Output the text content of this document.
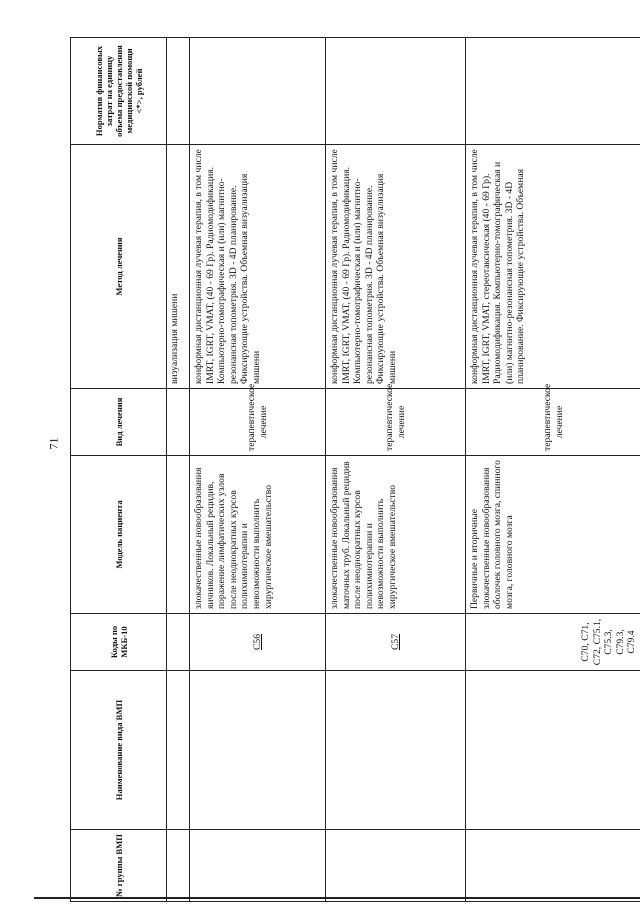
71
№ группы ВМП	Наименование вида ВМП	Коды по МКБ-10	Модель пациента	Вид лечения	Метод лечения	Норматив финансовых затрат на единицу объема предоставления медицинской помощи <*>, рублей
					визуализация мишени	
		C56	злокачественные новообразования яичников. Локальный рецидив, поражение лимфатических узлов после неоднократных курсов полихимиотерапии и невозможности выполнить хирургическое вмешательство	терапевтическое лечение	конформная дистанционная лучевая терапия, в том числе IMRT, IGRT, VMAT, (40 - 69 Гр). Радиомодификация. Компьютерно-томографическая и (или) магнитно-резонансная топометрия. 3D - 4D планирование. Фиксирующие устройства. Объемная визуализация мишени	
		C57	злокачественные новообразования маточных труб. Локальный рецидив после неоднократных курсов полихимиотерапии и невозможности выполнить хирургическое вмешательство	терапевтическое лечение	конформная дистанционная лучевая терапия, в том числе IMRT, IGRT, VMAT, (40 - 69 Гр). Радиомодификация. Компьютерно-томографическая и (или) магнитно-резонансная топометрия. 3D - 4D планирование. Фиксирующие устройства. Объемная визуализация мишени	
		C70, C71, C72, C75.1, C75.3, C79.3, C79.4	Первичные и вторичные злокачественные новообразования оболочек головного мозга, спинного мозга, головного мозга	терапевтическое лечение	конформная дистанционная лучевая терапия, в том числе IMRT, IGRT, VMAT, стереотаксическая (40 - 69 Гр). Радиомодификация. Компьютерно-томографическая и (или) магнитно-резонансная топометрия. 3D - 4D планирование. Фиксирующие устройства. Объемная	
